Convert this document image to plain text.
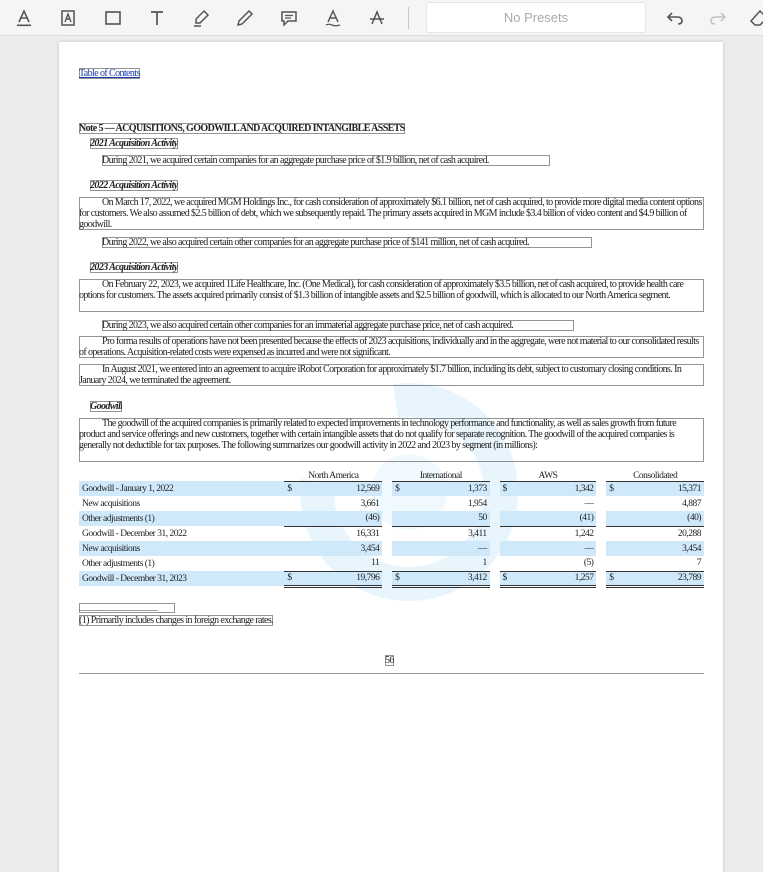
No Presets
Table of Contents
Note 5 — ACQUISITIONS, GOODWILL AND ACQUIRED INTANGIBLE ASSETS
2021 Acquisition Activity
During 2021, we acquired certain companies for an aggregate purchase price of $1.9 billion, net of cash acquired.
2022 Acquisition Activity
On March 17, 2022, we acquired MGM Holdings Inc., for cash consideration of approximately $6.1 billion, net of cash acquired, to provide more digital media content options for customers. We also assumed $2.5 billion of debt, which we subsequently repaid. The primary assets acquired in MGM include $3.4 billion of video content and $4.9 billion of goodwill.
During 2022, we also acquired certain other companies for an aggregate purchase price of $141 million, net of cash acquired.
2023 Acquisition Activity
On February 22, 2023, we acquired 1Life Healthcare, Inc. (One Medical), for cash consideration of approximately $3.5 billion, net of cash acquired, to provide health care options for customers. The assets acquired primarily consist of $1.3 billion of intangible assets and $2.5 billion of goodwill, which is allocated to our North America segment.
During 2023, we also acquired certain other companies for an immaterial aggregate purchase price, net of cash acquired.
Pro forma results of operations have not been presented because the effects of 2023 acquisitions, individually and in the aggregate, were not material to our consolidated results of operations. Acquisition-related costs were expensed as incurred and were not significant.
In August 2021, we entered into an agreement to acquire iRobot Corporation for approximately $1.7 billion, including its debt, subject to customary closing conditions. In January 2024, we terminated the agreement.
Goodwill
The goodwill of the acquired companies is primarily related to expected improvements in technology performance and functionality, as well as sales growth from future product and service offerings and new customers, together with certain intangible assets that do not qualify for separate recognition. The goodwill of the acquired companies is generally not deductible for tax purposes. The following summarizes our goodwill activity in 2022 and 2023 by segment (in millions):
	North America			International			AWS			Consolidated	
Goodwill - January 1, 2022	$	12,569		$	1,373		$	1,342		$	15,371
New acquisitions		3,661			1,954			—			4,887
Other adjustments (1)		(46)			50			(41)			(40)
Goodwill - December 31, 2022		16,331			3,411			1,242			20,288
New acquisitions		3,454			—			—			3,454
Other adjustments (1)		11			1			(5)			7
Goodwill - December 31, 2023	$	19,796		$	3,412		$	1,257		$	23,789
_______________________
(1) Primarily includes changes in foreign exchange rates.
56
